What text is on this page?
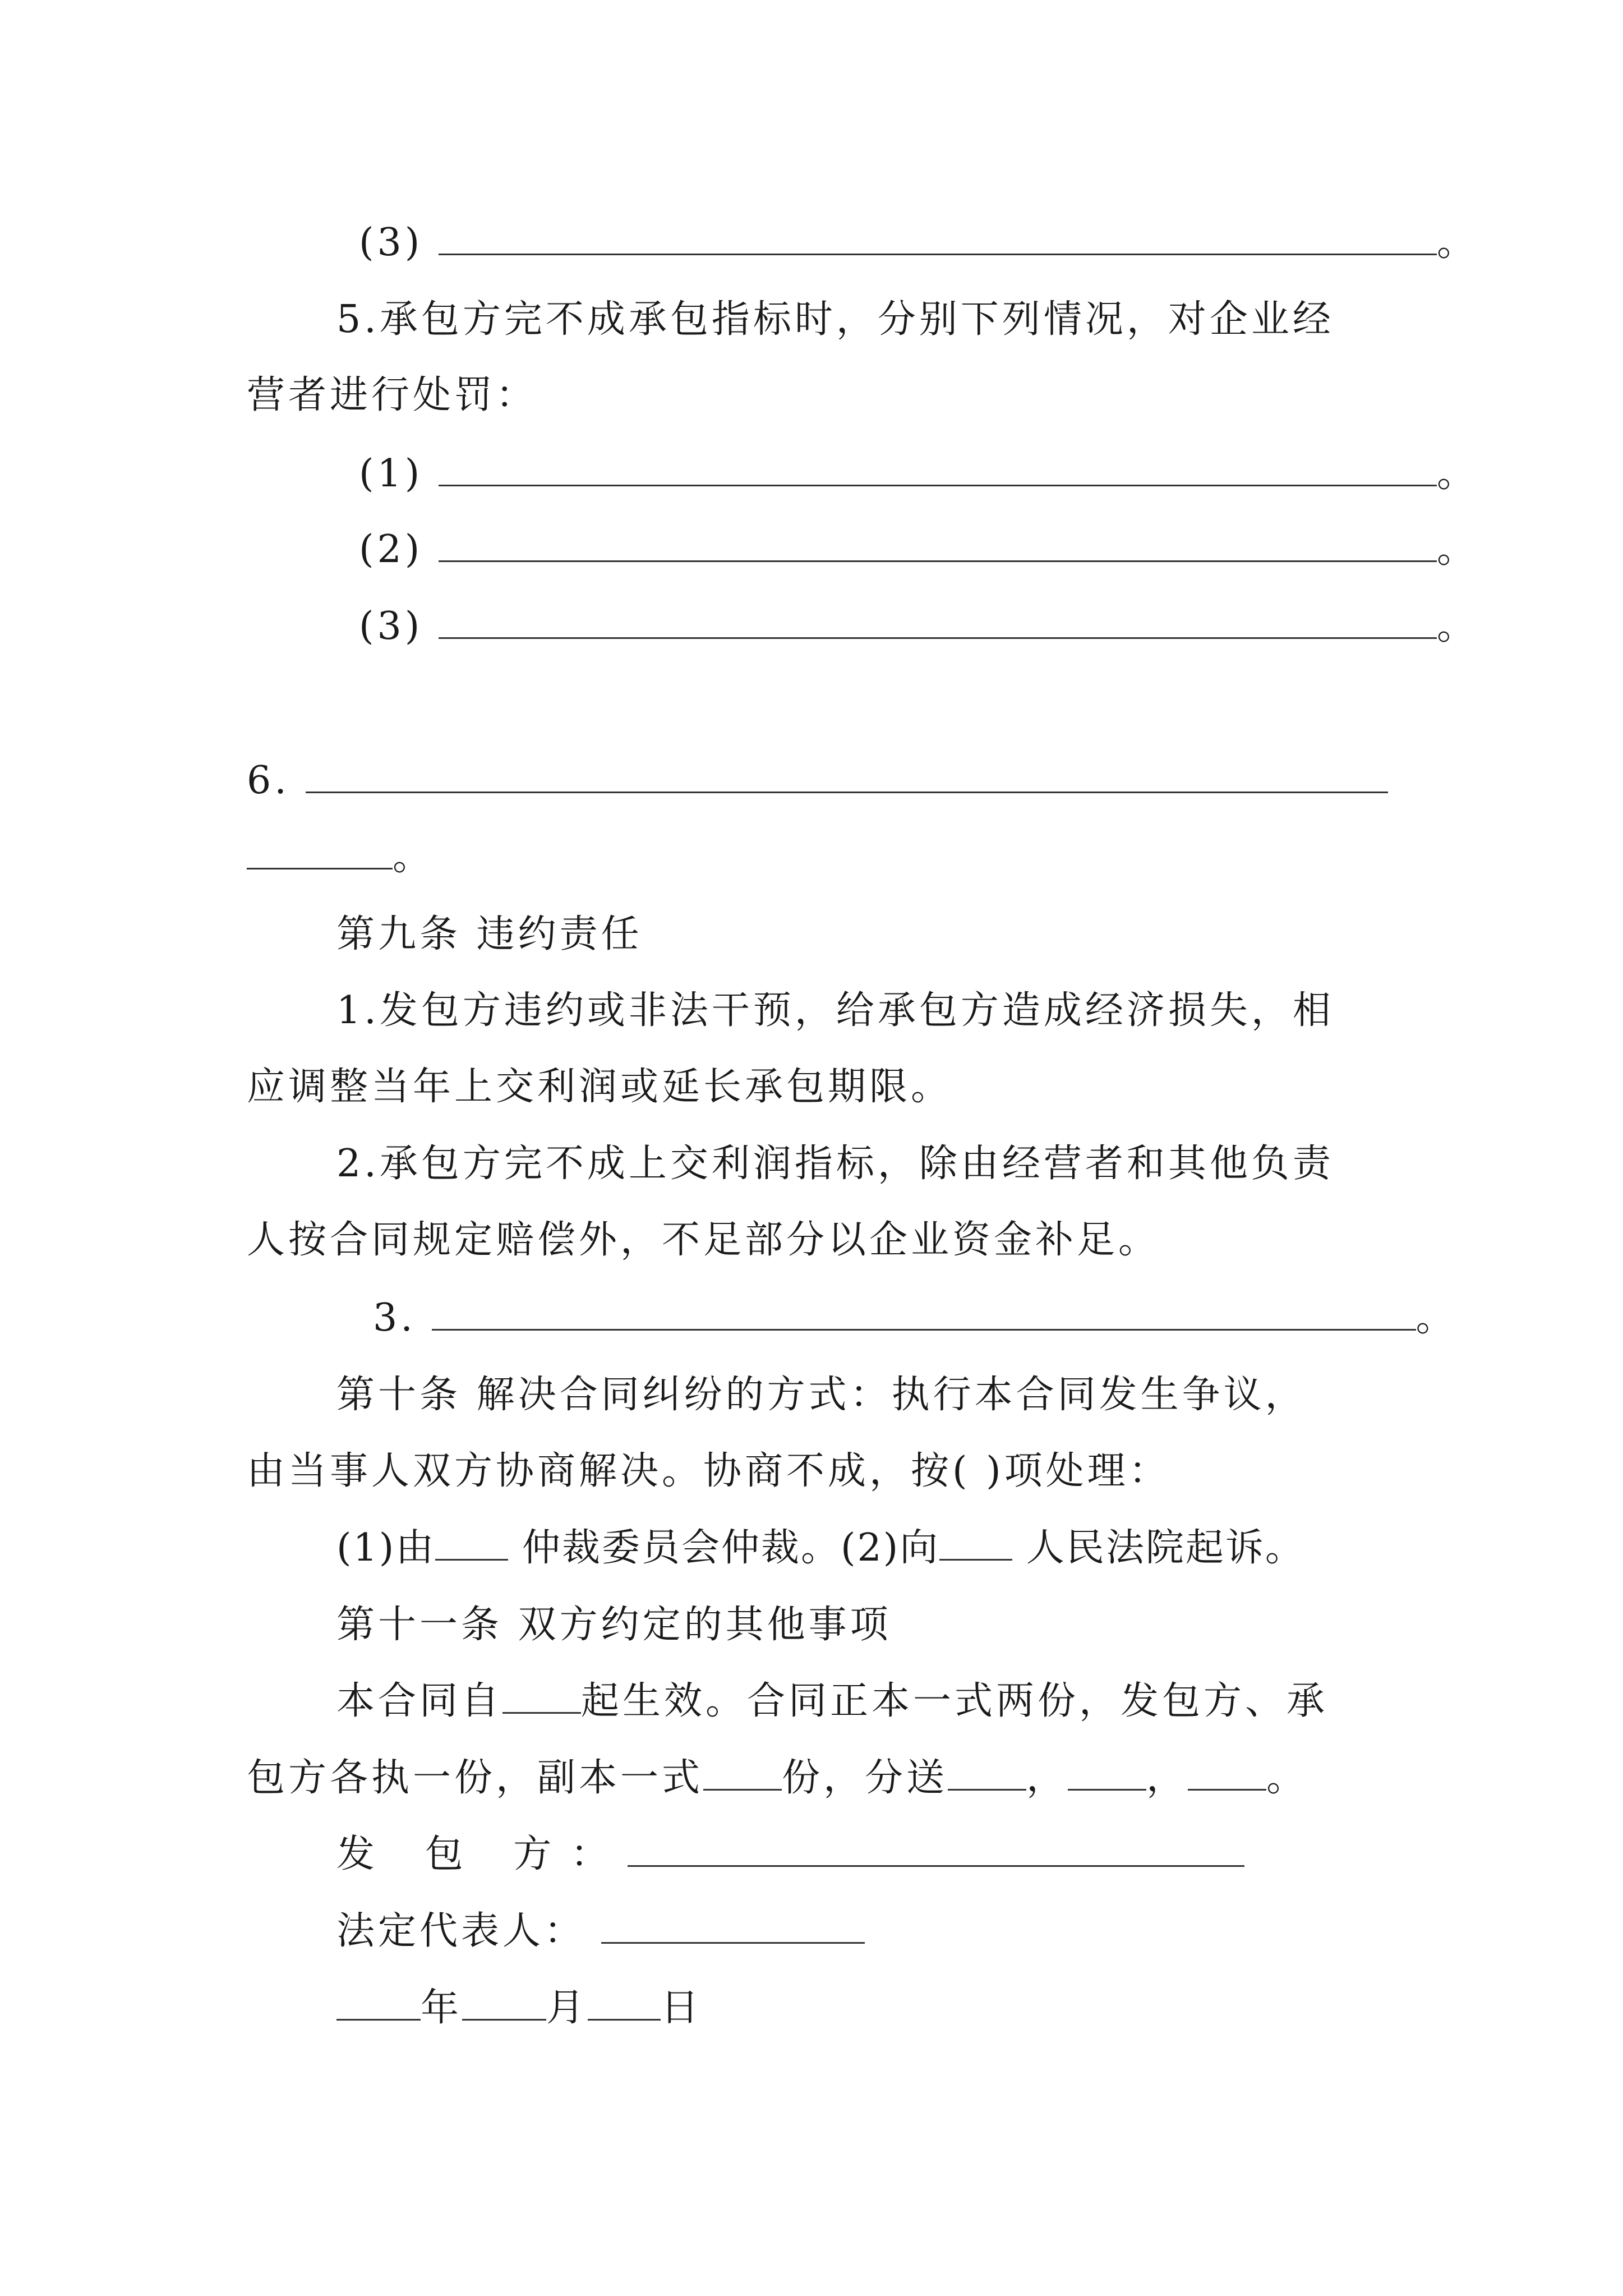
(3)	。
5.承包方完不成承包指标时，分别下列情况，对企业经
营者进行处罚：
(1)	。
(2)	。
(3)	。
6.
。
第九条 违约责任
1.发包方违约或非法干预，给承包方造成经济损失，相
应调整当年上交利润或延长承包期限。
2.承包方完不成上交利润指标，除由经营者和其他负责
人按合同规定赔偿外，不足部分以企业资金补足。
3.	。
第十条 解决合同纠纷的方式：执行本合同发生争议，
由当事人双方协商解决。协商不成，按( )项处理：
(1)由 仲裁委员会仲裁。(2)向 人民法院起诉。
第十一条 双方约定的其他事项
本合同自 起生效。合同正本一式两份，发包方、承
包方各执一份，副本一式 份，分送 ， ， 。
发 包 方：
法定代表人：
年 月 日
